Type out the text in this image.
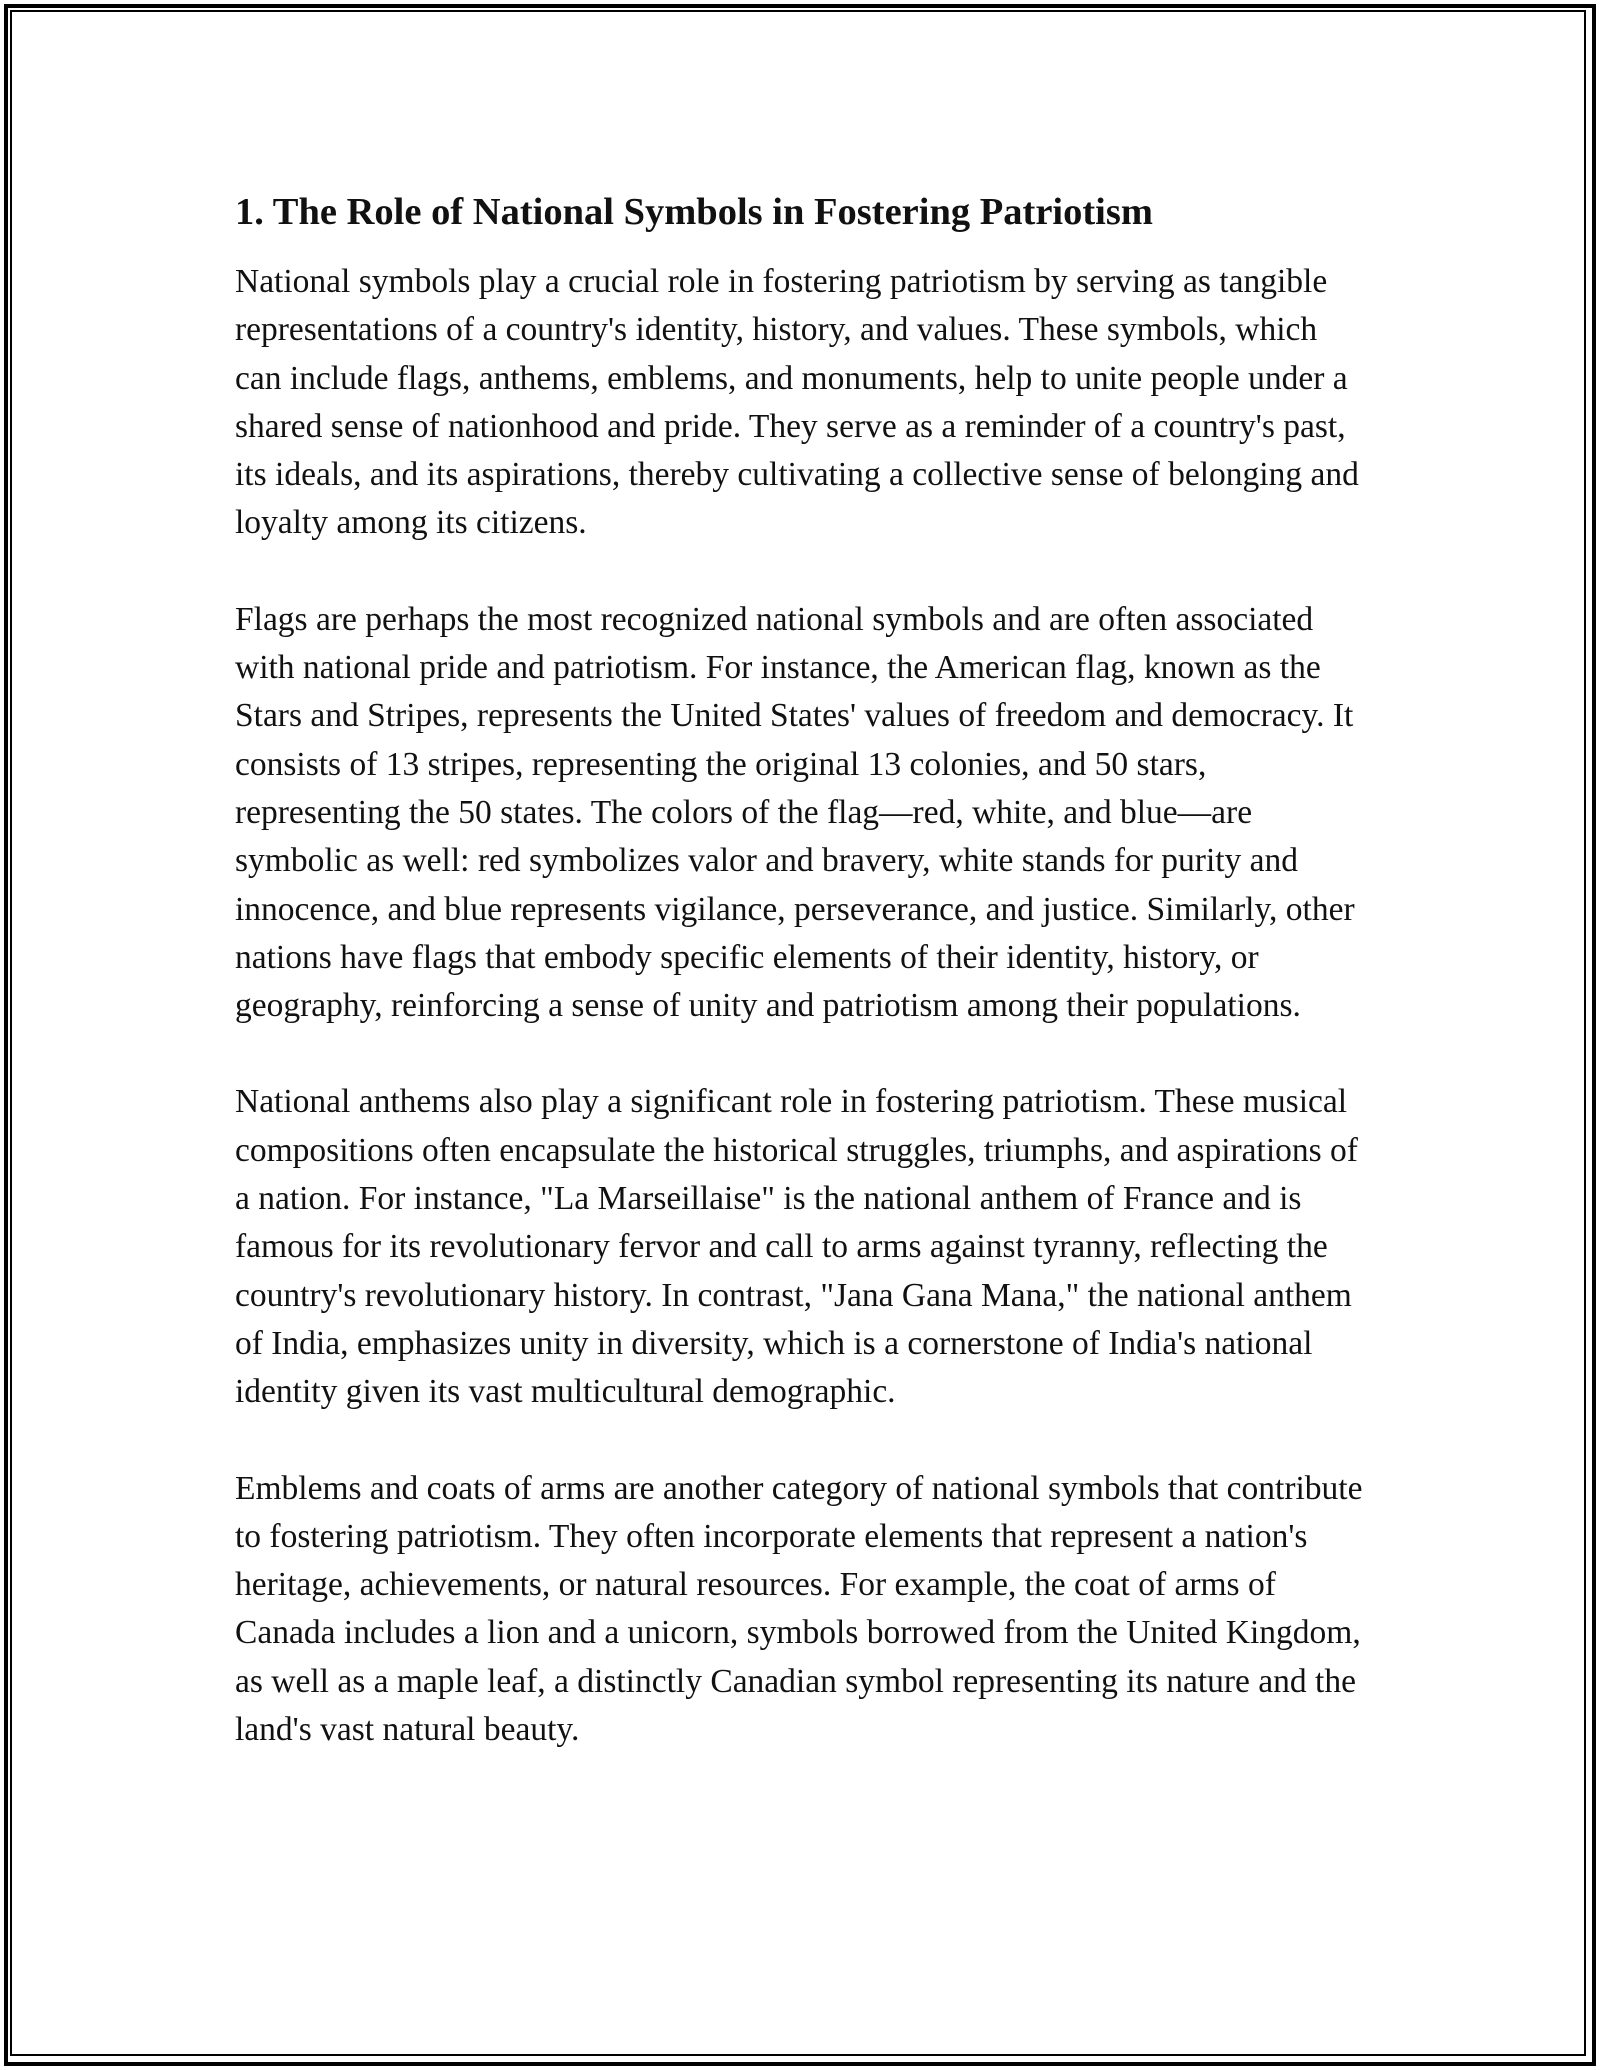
1. The Role of National Symbols in Fostering Patriotism

National symbols play a crucial role in fostering patriotism by serving as tangible representations of a country's identity, history, and values. These symbols, which can include flags, anthems, emblems, and monuments, help to unite people under a shared sense of nationhood and pride. They serve as a reminder of a country's past, its ideals, and its aspirations, thereby cultivating a collective sense of belonging and loyalty among its citizens.

Flags are perhaps the most recognized national symbols and are often associated with national pride and patriotism. For instance, the American flag, known as the Stars and Stripes, represents the United States' values of freedom and democracy. It consists of 13 stripes, representing the original 13 colonies, and 50 stars, representing the 50 states. The colors of the flag—red, white, and blue—are symbolic as well: red symbolizes valor and bravery, white stands for purity and innocence, and blue represents vigilance, perseverance, and justice. Similarly, other nations have flags that embody specific elements of their identity, history, or geography, reinforcing a sense of unity and patriotism among their populations.

National anthems also play a significant role in fostering patriotism. These musical compositions often encapsulate the historical struggles, triumphs, and aspirations of a nation. For instance, "La Marseillaise" is the national anthem of France and is famous for its revolutionary fervor and call to arms against tyranny, reflecting the country's revolutionary history. In contrast, "Jana Gana Mana," the national anthem of India, emphasizes unity in diversity, which is a cornerstone of India's national identity given its vast multicultural demographic.

Emblems and coats of arms are another category of national symbols that contribute to fostering patriotism. They often incorporate elements that represent a nation's heritage, achievements, or natural resources. For example, the coat of arms of Canada includes a lion and a unicorn, symbols borrowed from the United Kingdom, as well as a maple leaf, a distinctly Canadian symbol representing its nature and the land's vast natural beauty.
